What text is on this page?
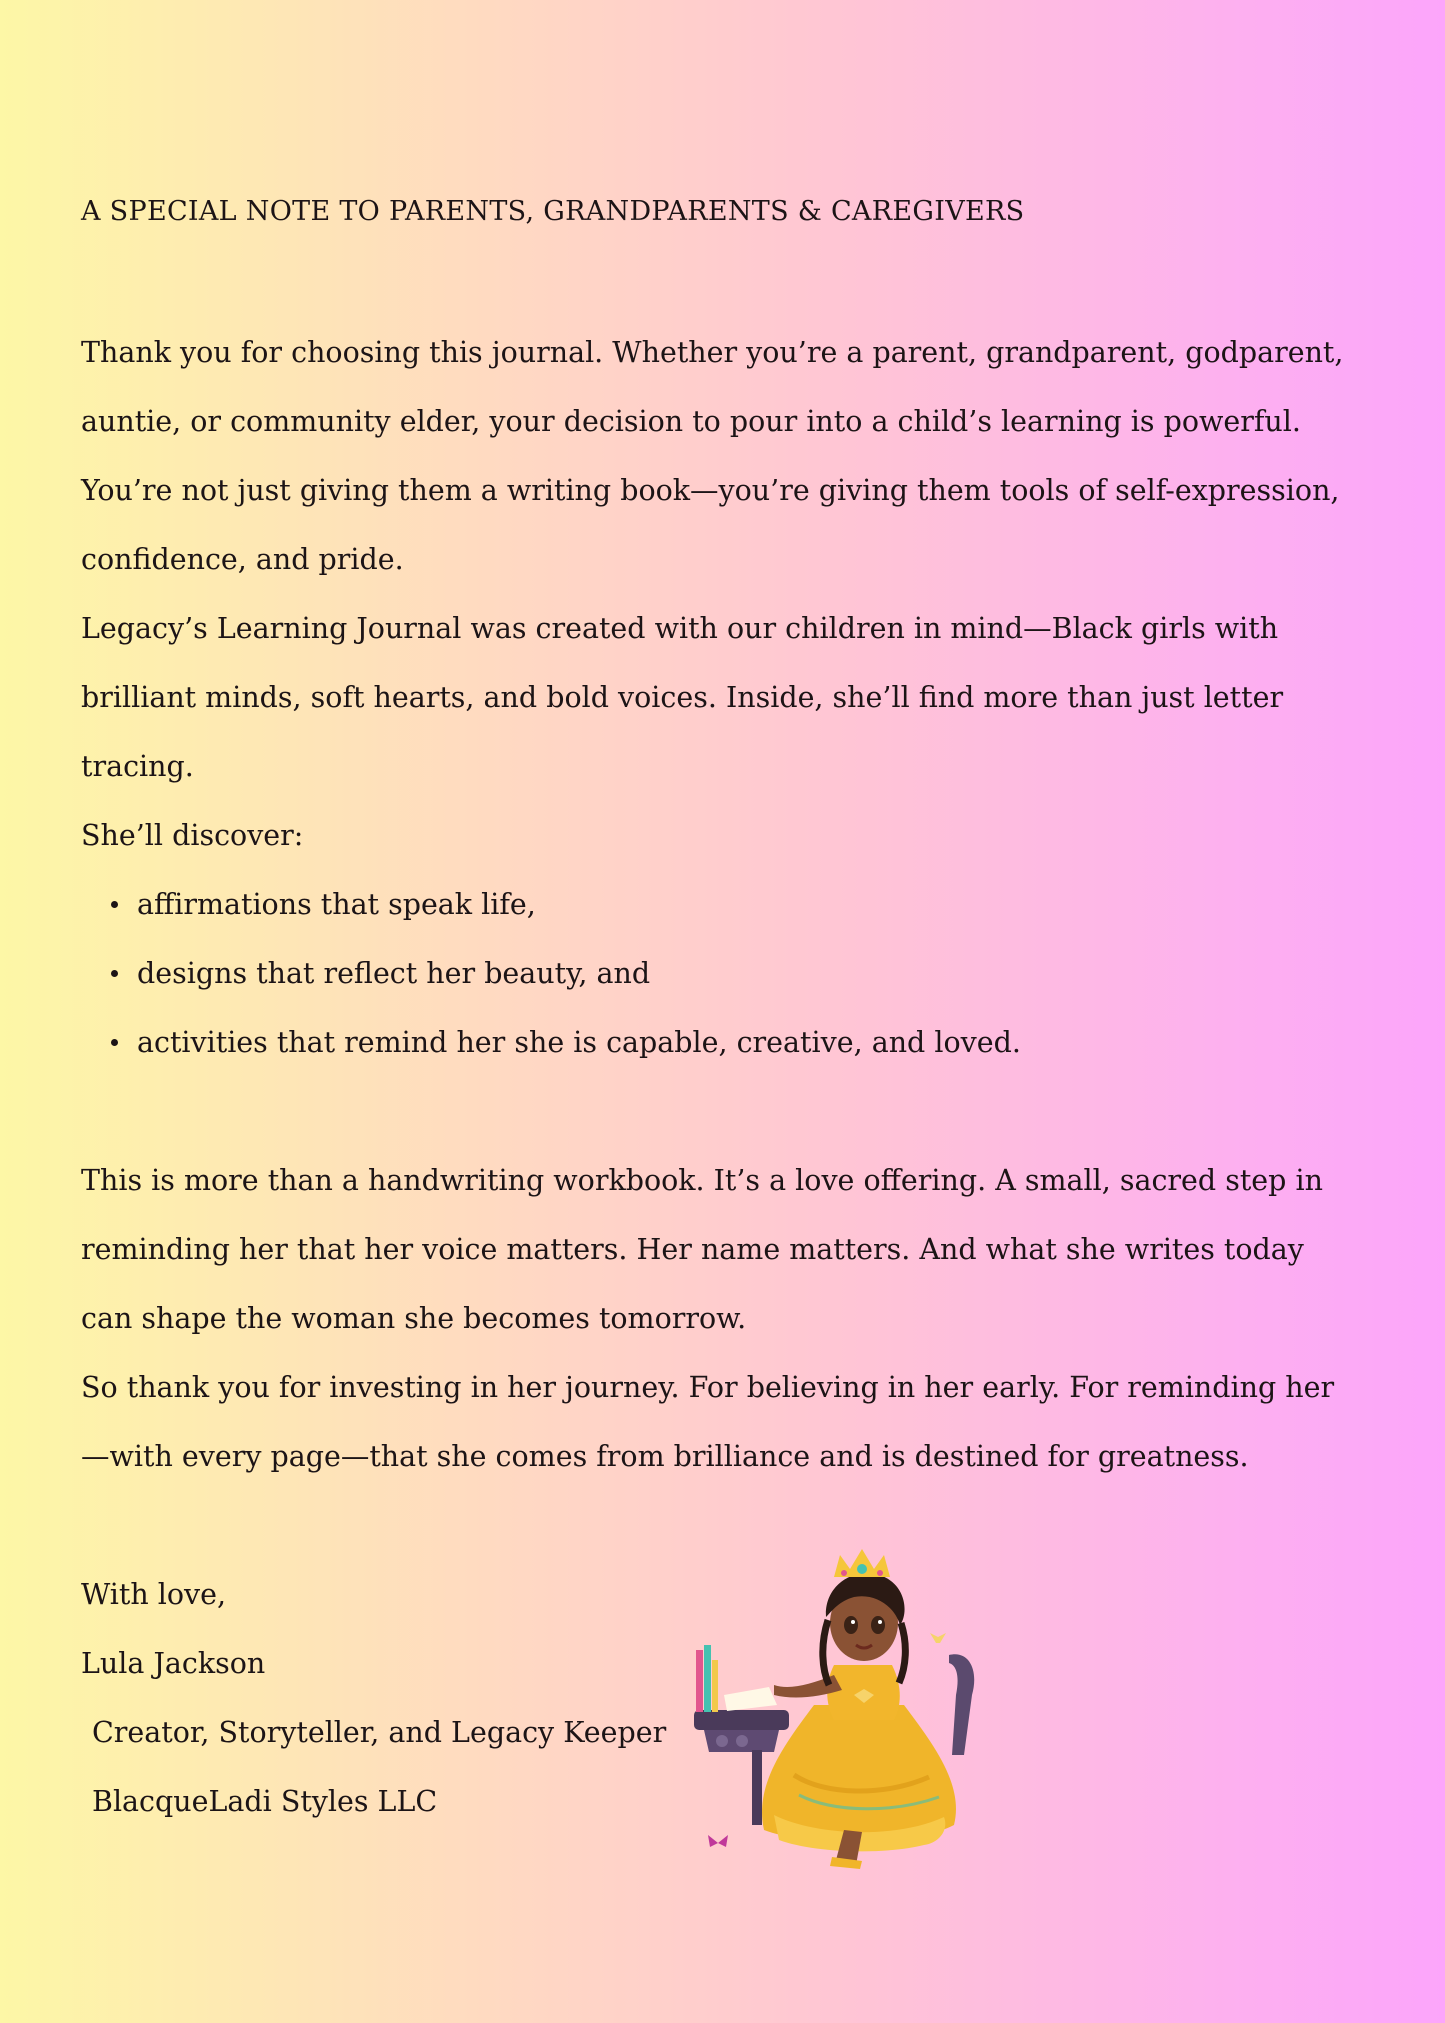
A SPECIAL NOTE TO PARENTS, GRANDPARENTS & CAREGIVERS
Thank you for choosing this journal. Whether you’re a parent, grandparent, godparent,
auntie, or community elder, your decision to pour into a child’s learning is powerful.
You’re not just giving them a writing book—you’re giving them tools of self-expression,
confidence, and pride.
Legacy’s Learning Journal was created with our children in mind—Black girls with
brilliant minds, soft hearts, and bold voices. Inside, she’ll find more than just letter
tracing.
She’ll discover:
affirmations that speak life,
designs that reflect her beauty, and
activities that remind her she is capable, creative, and loved.
This is more than a handwriting workbook. It’s a love offering. A small, sacred step in
reminding her that her voice matters. Her name matters. And what she writes today
can shape the woman she becomes tomorrow.
So thank you for investing in her journey. For believing in her early. For reminding her
—with every page—that she comes from brilliance and is destined for greatness.
With love,
Lula Jackson
Creator, Storyteller, and Legacy Keeper
BlacqueLadi Styles LLC
